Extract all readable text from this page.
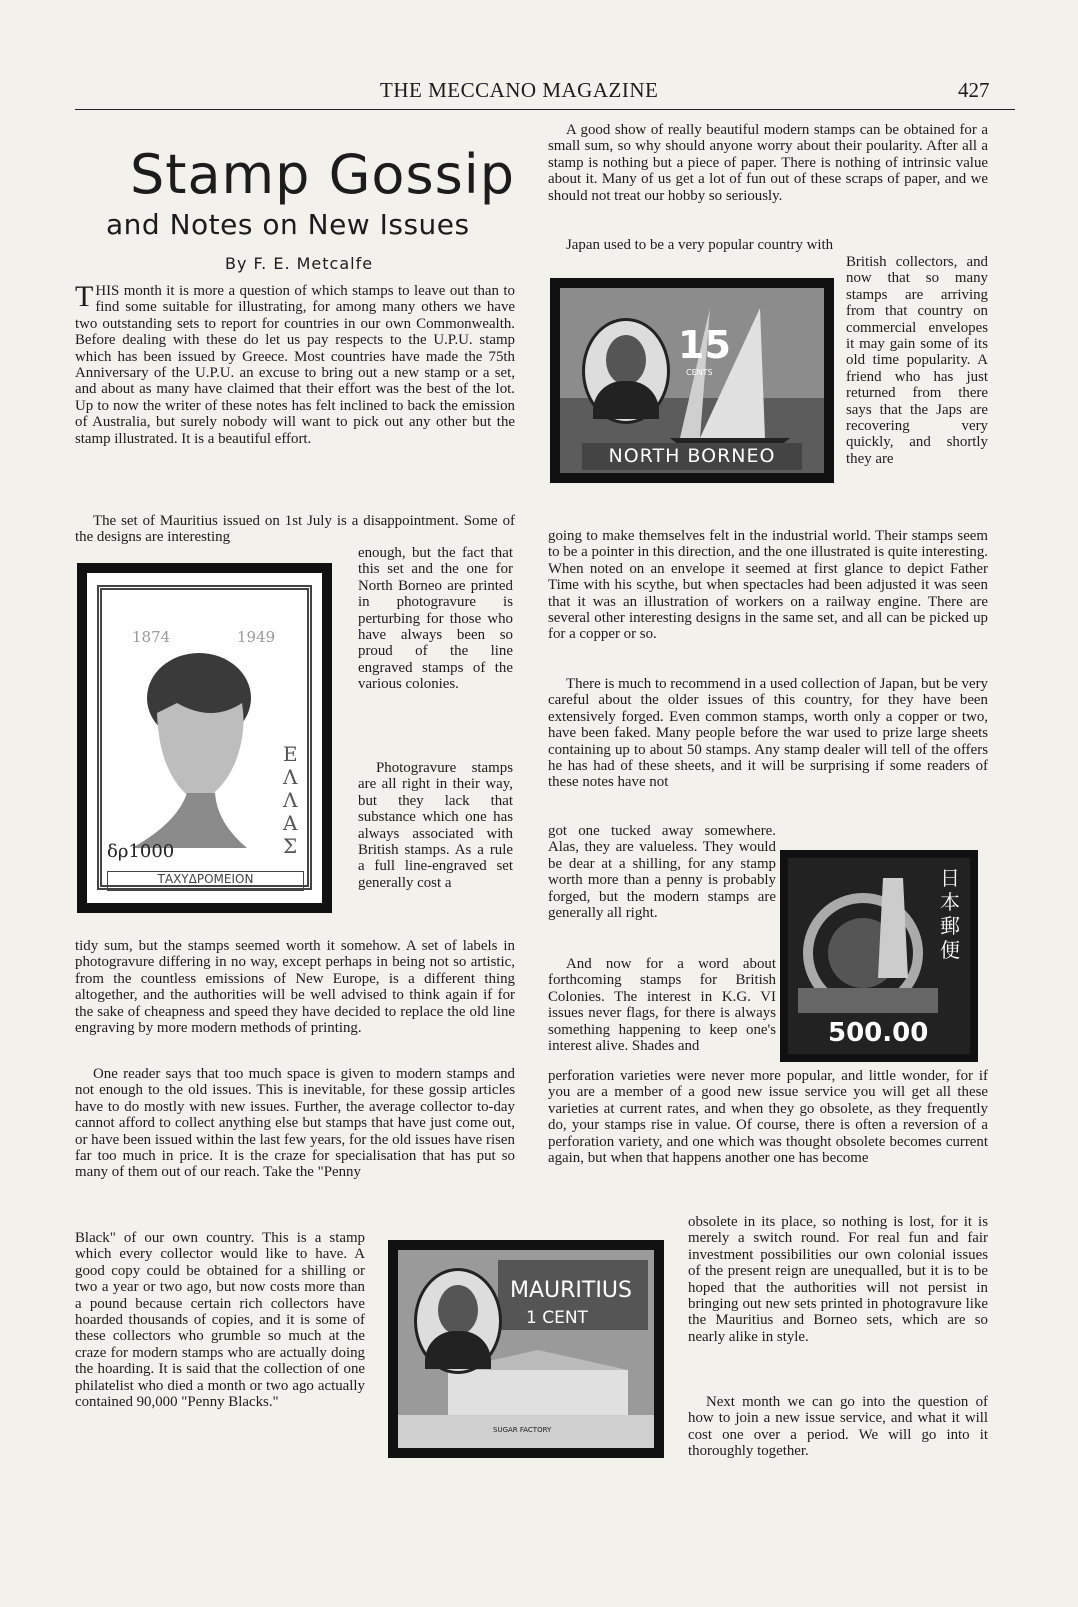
THE MECCANO MAGAZINE	427
Stamp Gossip
and Notes on New Issues
By F. E. Metcalfe
THIS month it is more a question of which stamps to leave out than to find some suitable for illustrating, for among many others we have two outstanding sets to report for countries in our own Commonwealth. Before dealing with these do let us pay respects to the U.P.U. stamp which has been issued by Greece. Most countries have made the 75th Anniversary of the U.P.U. an excuse to bring out a new stamp or a set, and about as many have claimed that their effort was the best of the lot. Up to now the writer of these notes has felt inclined to back the emission of Australia, but surely nobody will want to pick out any other but the stamp illustrated. It is a beautiful effort.
The set of Mauritius issued on 1st July is a disappointment. Some of the designs are interesting
enough, but the fact that this set and the one for North Borneo are printed in photogravure is perturbing for those who have always been so proud of the line engraved stamps of the various colonies.
Photogravure stamps are all right in their way, but they lack that substance which one has always associated with British stamps. As a rule a full line-engraved set generally cost a
tidy sum, but the stamps seemed worth it somehow. A set of labels in photogravure differing in no way, except perhaps in being not so artistic, from the countless emissions of New Europe, is a different thing altogether, and the authorities will be well advised to think again if for the sake of cheapness and speed they have decided to replace the old line engraving by more modern methods of printing.
One reader says that too much space is given to modern stamps and not enough to the old issues. This is inevitable, for these gossip articles have to do mostly with new issues. Further, the average collector to-day cannot afford to collect anything else but stamps that have just come out, or have been issued within the last few years, for the old issues have risen far too much in price. It is the craze for specialisation that has put so many of them out of our reach. Take the "Penny
Black" of our own country. This is a stamp which every collector would like to have. A good copy could be obtained for a shilling or two a year or two ago, but now costs more than a pound because certain rich collectors have hoarded thousands of copies, and it is some of these collectors who grumble so much at the craze for modern stamps who are actually doing the hoarding. It is said that the collection of one philatelist who died a month or two ago actually contained 90,000 "Penny Blacks."
A good show of really beautiful modern stamps can be obtained for a small sum, so why should anyone worry about their poularity. After all a stamp is nothing but a piece of paper. There is nothing of intrinsic value about it. Many of us get a lot of fun out of these scraps of paper, and we should not treat our hobby so seriously.
Japan used to be a very popular country with
British collectors, and now that so many stamps are arriving from that country on commercial envelopes it may gain some of its old time popularity. A friend who has just returned from there says that the Japs are recovering very quickly, and shortly they are
going to make themselves felt in the industrial world. Their stamps seem to be a pointer in this direction, and the one illustrated is quite interesting. When noted on an envelope it seemed at first glance to depict Father Time with his scythe, but when spectacles had been adjusted it was seen that it was an illustration of workers on a railway engine. There are several other interesting designs in the same set, and all can be picked up for a copper or so.
There is much to recommend in a used collection of Japan, but be very careful about the older issues of this country, for they have been extensively forged. Even common stamps, worth only a copper or two, have been faked. Many people before the war used to prize large sheets containing up to about 50 stamps. Any stamp dealer will tell of the offers he has had of these sheets, and it will be surprising if some readers of these notes have not
got one tucked away somewhere. Alas, they are valueless. They would be dear at a shilling, for any stamp worth more than a penny is probably forged, but the modern stamps are generally all right.
And now for a word about forthcoming stamps for British Colonies. The interest in K.G. VI issues never flags, for there is always something happening to keep one's interest alive. Shades and
perforation varieties were never more popular, and little wonder, for if you are a member of a good new issue service you will get all these varieties at current rates, and when they go obsolete, as they frequently do, your stamps rise in value. Of course, there is often a reversion of a perforation variety, and one which was thought obsolete becomes current again, but when that happens another one has become
obsolete in its place, so nothing is lost, for it is merely a switch round. For real fun and fair investment possibilities our own colonial issues of the present reign are unequalled, but it is to be hoped that the authorities will not persist in bringing out new sets printed in photogravure like the Mauritius and Borneo sets, which are so nearly alike in style.
Next month we can go into the question of how to join a new issue service, and what it will cost one over a period. We will go into it thoroughly together.
1874	1949
ΕΛΛΑΣ
δρ1000
ΤΑΧΥΔΡΟΜΕΙΟΝ
15
CENTS
NORTH BORNEO
日本郵便
500.00
MAURITIUS
1 CENT
SUGAR FACTORY
